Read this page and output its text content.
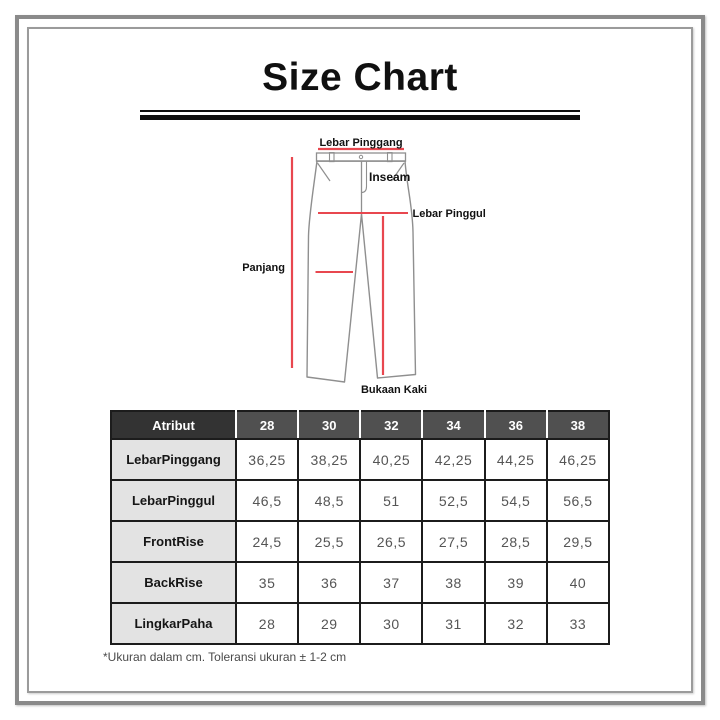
Size Chart
Lebar Pinggang
Inseam
Lebar Pinggul
Panjang
Bukaan Kaki
Atribut	28	30	32	34	36	38
LebarPinggang	36,25	38,25	40,25	42,25	44,25	46,25
LebarPinggul	46,5	48,5	51	52,5	54,5	56,5
FrontRise	24,5	25,5	26,5	27,5	28,5	29,5
BackRise	35	36	37	38	39	40
LingkarPaha	28	29	30	31	32	33
*Ukuran dalam cm. Toleransi ukuran ± 1-2 cm
